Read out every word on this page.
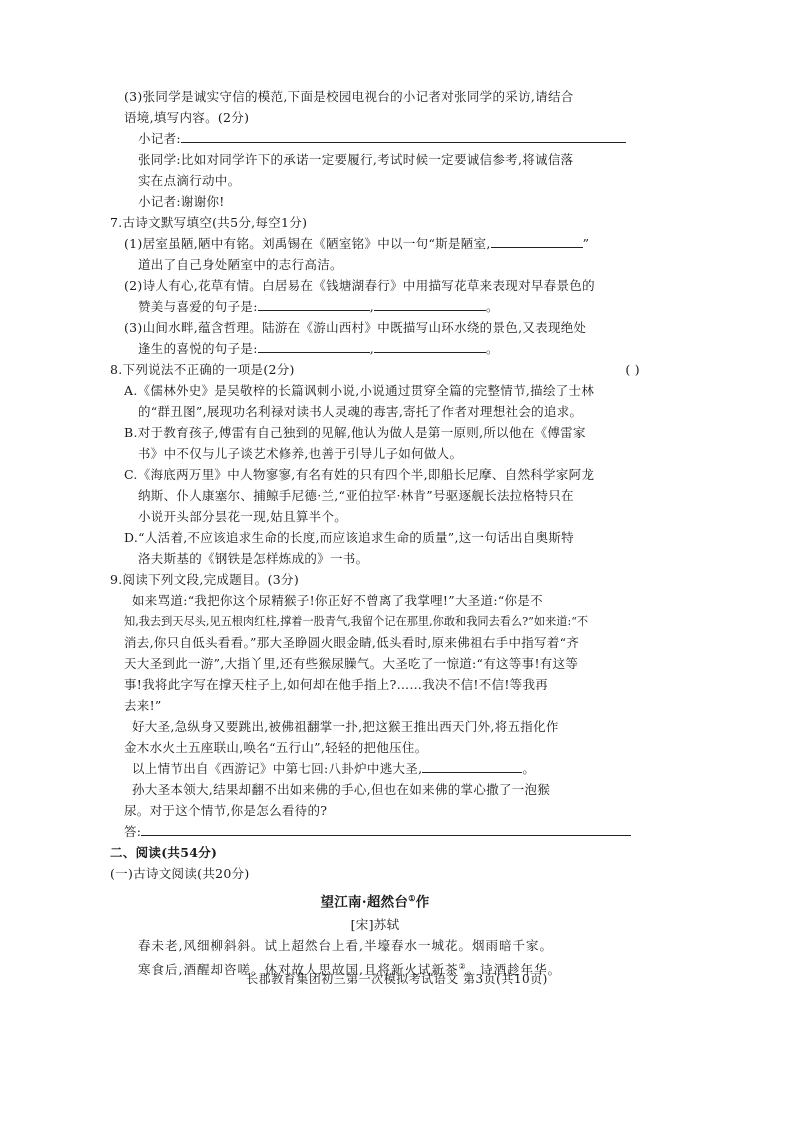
(3)张同学是诚实守信的模范,下面是校园电视台的小记者对张同学的采访,请结合
语境,填写内容。(2分)
小记者:
张同学:比如对同学许下的承诺一定要履行,考试时候一定要诚信参考,将诚信落
实在点滴行动中。
小记者:谢谢你!
7.古诗文默写填空(共5分,每空1分)
(1)居室虽陋,陋中有铭。刘禹锡在《陋室铭》中以一句“斯是陋室,	”
道出了自己身处陋室中的志行高洁。
(2)诗人有心,花草有情。白居易在《钱塘湖春行》中用描写花草来表现对早春景色的
赞美与喜爱的句子是:	,	。
(3)山间水畔,蕴含哲理。陆游在《游山西村》中既描写山环水绕的景色,又表现绝处
逢生的喜悦的句子是:	,	。
8.下列说法不正确的一项是(2分)	( )
A.《儒林外史》是吴敬梓的长篇讽刺小说,小说通过贯穿全篇的完整情节,描绘了士林
的“群丑图”,展现功名利禄对读书人灵魂的毒害,寄托了作者对理想社会的追求。
B.对于教育孩子,傅雷有自己独到的见解,他认为做人是第一原则,所以他在《傅雷家
书》中不仅与儿子谈艺术修养,也善于引导儿子如何做人。
C.《海底两万里》中人物寥寥,有名有姓的只有四个半,即船长尼摩、自然科学家阿龙
纳斯、仆人康塞尔、捕鲸手尼德·兰,“亚伯拉罕·林肯”号驱逐舰长法拉格特只在
小说开头部分昙花一现,姑且算半个。
D.“人活着,不应该追求生命的长度,而应该追求生命的质量”,这一句话出自奥斯特
洛夫斯基的《钢铁是怎样炼成的》一书。
9.阅读下列文段,完成题目。(3分)
如来骂道:“我把你这个尿精猴子!你正好不曾离了我掌哩!”大圣道:“你是不
知,我去到天尽头,见五根肉红柱,撑着一股青气,我留个记在那里,你敢和我同去看么?”如来道:“不
消去,你只自低头看看。”那大圣睁圆火眼金睛,低头看时,原来佛祖右手中指写着“齐
天大圣到此一游”,大指丫里,还有些猴尿臊气。大圣吃了一惊道:“有这等事!有这等
事!我将此字写在撑天柱子上,如何却在他手指上?……我决不信!不信!等我再
去来!”
好大圣,急纵身又要跳出,被佛祖翻掌一扑,把这猴王推出西天门外,将五指化作
金木水火土五座联山,唤名“五行山”,轻轻的把他压住。
以上情节出自《西游记》中第七回:八卦炉中逃大圣,	。
孙大圣本领大,结果却翻不出如来佛的手心,但也在如来佛的掌心撒了一泡猴
尿。对于这个情节,你是怎么看待的?
答:
二、阅读(共54分)
(一)古诗文阅读(共20分)
望江南·超然台①作
[宋]苏轼
春未老,风细柳斜斜。试上超然台上看,半壕春水一城花。烟雨暗千家。
寒食后,酒醒却咨嗟。休对故人思故国,且将新火试新茶②。诗酒趁年华。
长郡教育集团初三第一次模拟考试语文 第3页(共10页)
